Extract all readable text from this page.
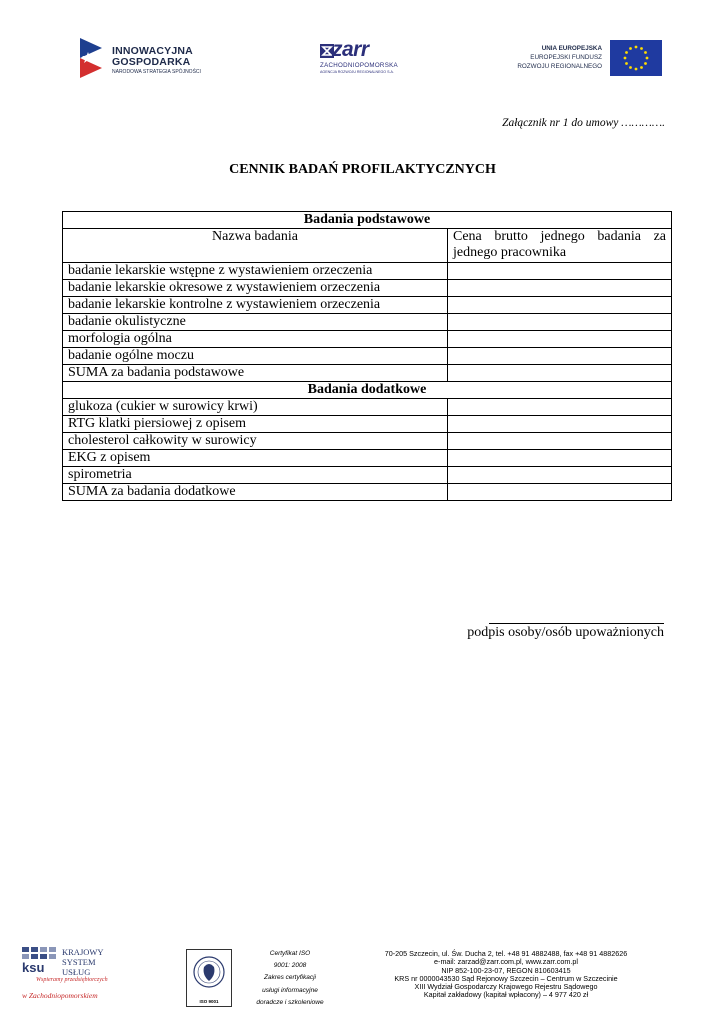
INNOWACYJNA
GOSPODARKA
NARODOWA STRATEGIA SPÓJNOŚCI
zarr
ZACHODNIOPOMORSKA
AGENCJA ROZWOJU REGIONALNEGO S.A.
UNIA EUROPEJSKA
EUROPEJSKI FUNDUSZ
ROZWOJU REGIONALNEGO
Załącznik nr 1 do umowy ………….
CENNIK BADAŃ PROFILAKTYCZNYCH
Badania podstawowe	
Nazwa badania	Cena brutto jednego badania za jednego pracownika
badanie lekarskie wstępne z wystawieniem orzeczenia	
badanie lekarskie okresowe z wystawieniem orzeczenia	
badanie lekarskie kontrolne z wystawieniem orzeczenia	
badanie okulistyczne	
morfologia ogólna	
badanie ogólne moczu	
SUMA za badania podstawowe	
Badania dodatkowe	
glukoza (cukier w surowicy krwi)	
RTG klatki piersiowej z opisem	
cholesterol całkowity w surowicy	
EKG z opisem	
spirometria	
SUMA za badania dodatkowe	
podpis osoby/osób upoważnionych
ksu
KRAJOWY
SYSTEM
USŁUG
Wspieramy przedsiębiorczych
w Zachodniopomorskiem
ISO 9001
Certyfikat ISO
9001: 2008
Zakres certyfikacji
usługi informacyjne
doradcze i szkoleniowe
70-205 Szczecin, ul. Św. Ducha 2, tel. +48 91 4882488, fax +48 91 4882626
e-mail: zarzad@zarr.com.pl, www.zarr.com.pl
NIP 852-100-23-07, REGON 810603415
KRS nr 0000043530 Sąd Rejonowy Szczecin – Centrum w Szczecinie
XIII Wydział Gospodarczy Krajowego Rejestru Sądowego
Kapitał zakładowy (kapitał wpłacony) – 4 977 420 zł
